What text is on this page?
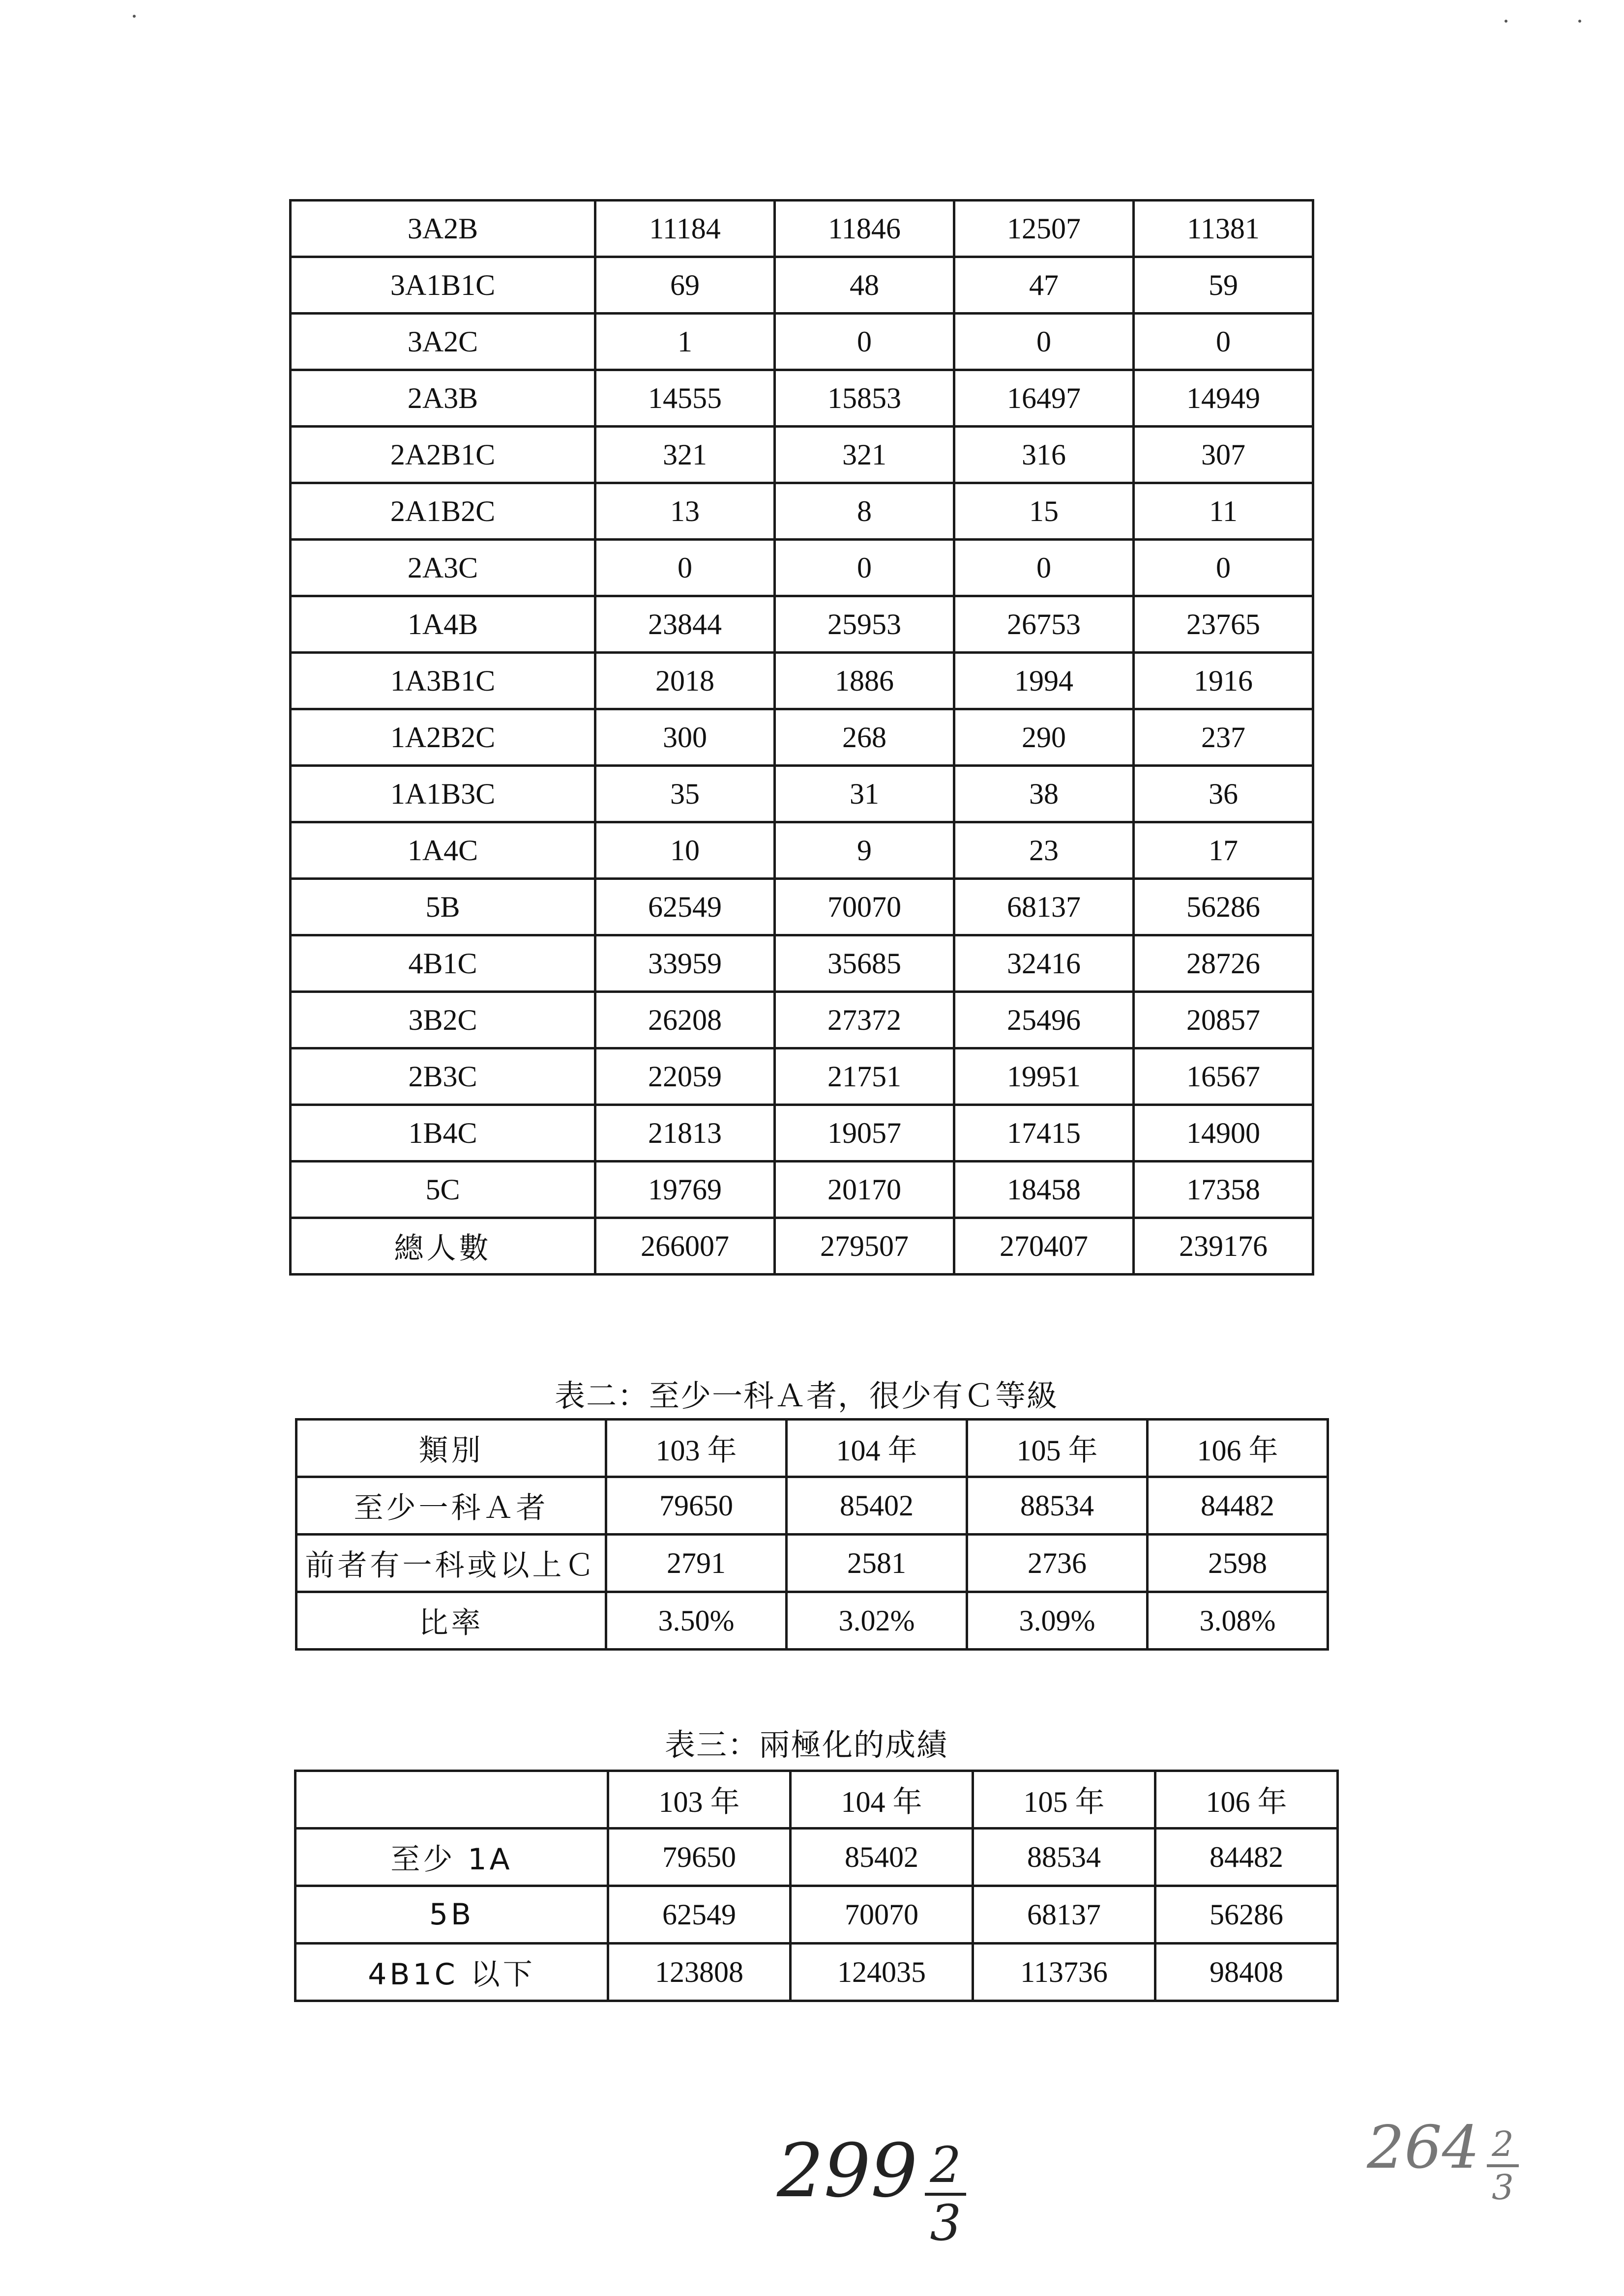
3A2B	11184	11846	12507	11381
3A1B1C	69	48	47	59
3A2C	1	0	0	0
2A3B	14555	15853	16497	14949
2A2B1C	321	321	316	307
2A1B2C	13	8	15	11
2A3C	0	0	0	0
1A4B	23844	25953	26753	23765
1A3B1C	2018	1886	1994	1916
1A2B2C	300	268	290	237
1A1B3C	35	31	38	36
1A4C	10	9	23	17
5B	62549	70070	68137	56286
4B1C	33959	35685	32416	28726
3B2C	26208	27372	25496	20857
2B3C	22059	21751	19951	16567
1B4C	21813	19057	17415	14900
5C	19769	20170	18458	17358
總人數	266007	279507	270407	239176
表二：至少一科Ａ者，很少有Ｃ等級
類別	103 年	104 年	105 年	106 年
至少一科Ａ者	79650	85402	88534	84482
前者有一科或以上Ｃ	2791	2581	2736	2598
比率	3.50%	3.02%	3.09%	3.08%
表三：兩極化的成績
	103 年	104 年	105 年	106 年
至少 1A	79650	85402	88534	84482
5B	62549	70070	68137	56286
4B1C 以下	123808	124035	113736	98408
$299 \frac{2}{3}$	$264 \frac{2}{3}$
